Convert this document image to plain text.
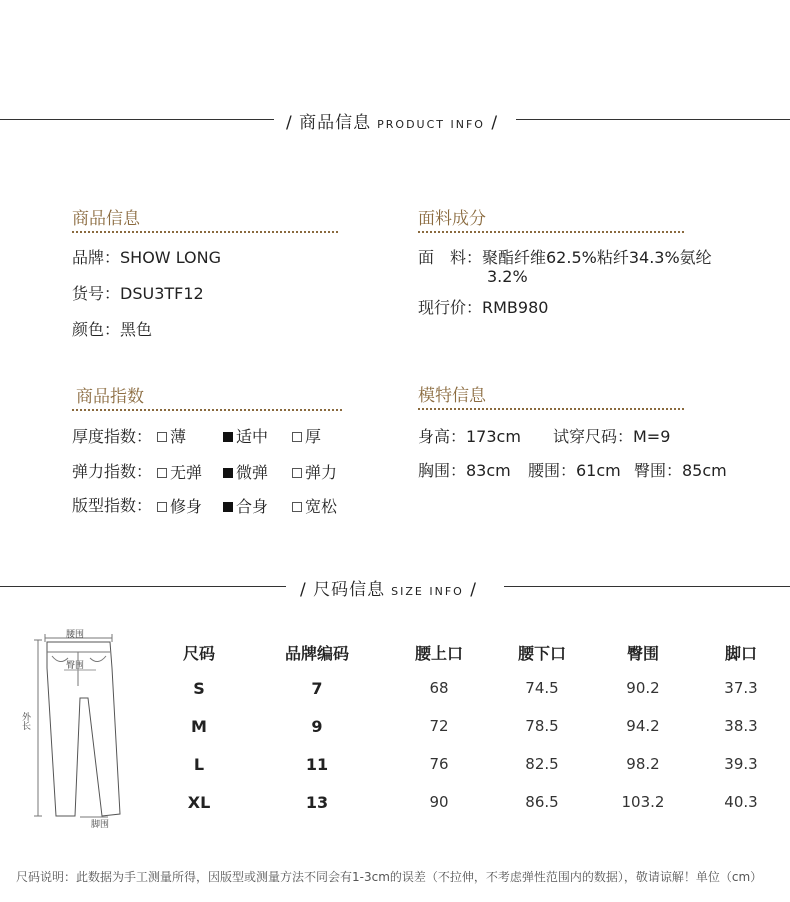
/ 商品信息 PRODUCT INFO /
商品信息
品牌：SHOW LONG
货号：DSU3TF12
颜色：黑色
面料成分
面　料：聚酯纤维62.5%粘纤34.3%氨纶
3.2%
现行价：RMB980
商品指数
厚度指数：	薄	适中	厚
弹力指数：	无弹	微弹	弹力
版型指数：	修身	合身	宽松
模特信息
身高：173cm 试穿尺码：M=9
胸围：83cm 腰围：61cm 臀围：85cm
/ 尺码信息 SIZE INFO /
腰围
臀围
外长
脚围
尺码	品牌编码	腰上口	腰下口	臀围	脚口
S	7	68	74.5	90.2	37.3
M	9	72	78.5	94.2	38.3
L	11	76	82.5	98.2	39.3
XL	13	90	86.5	103.2	40.3
尺码说明：此数据为手工测量所得，因版型或测量方法不同会有1-3cm的误差（不拉伸，不考虑弹性范围内的数据），敬请谅解！单位（cm）
